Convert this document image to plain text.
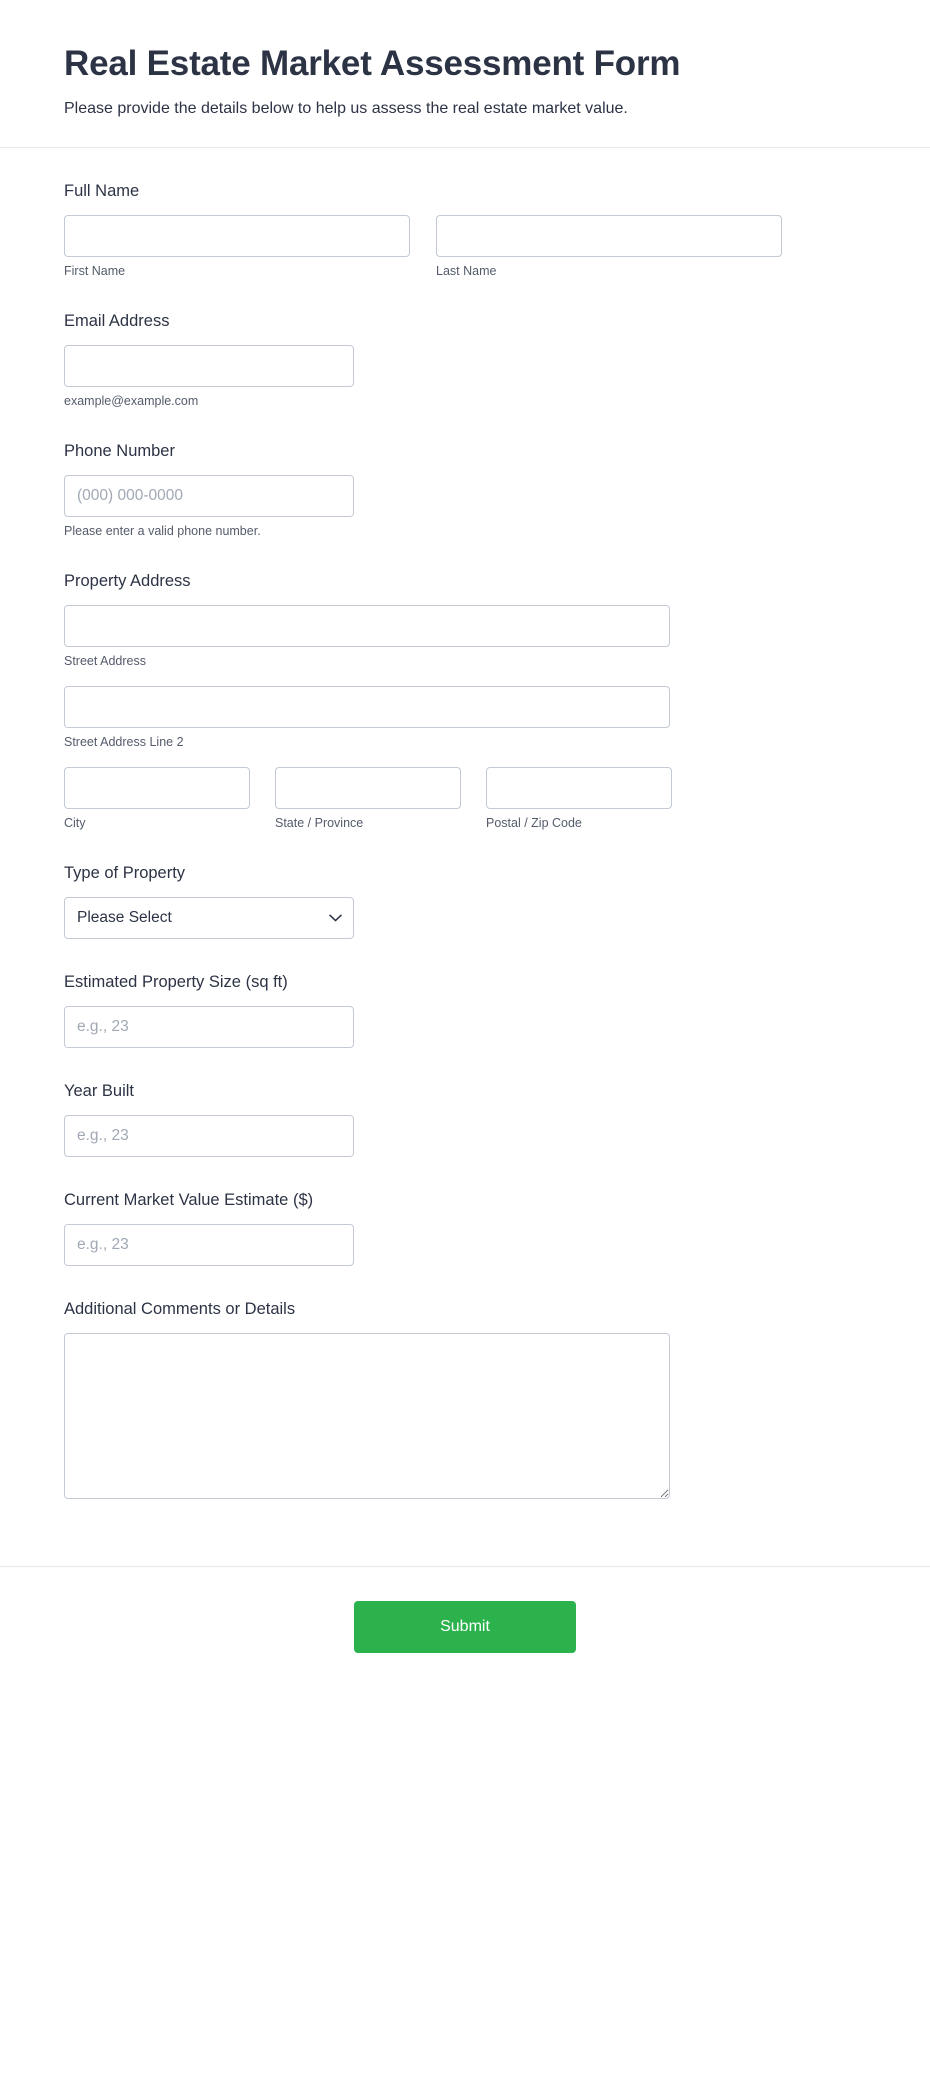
Real Estate Market Assessment Form

Please provide the details below to help us assess the real estate market value.

Full Name
First Name	Last Name
Email Address
example@example.com
Phone Number
(000) 000-0000
Please enter a valid phone number.
Property Address
Street Address
Street Address Line 2
City	State / Province	Postal / Zip Code
Type of Property
Please Select
Estimated Property Size (sq ft)
e.g., 23
Year Built
e.g., 23
Current Market Value Estimate ($)
e.g., 23
Additional Comments or Details
Submit
